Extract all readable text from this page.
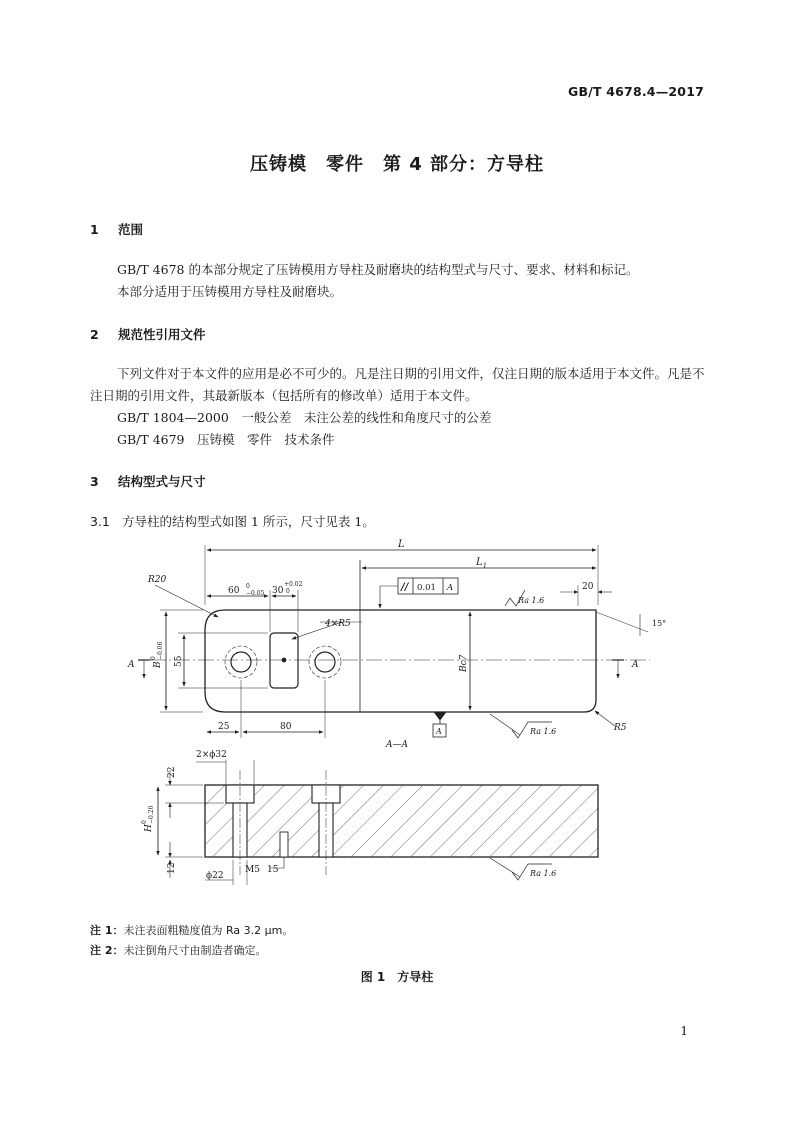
GB/T 4678.4—2017
压铸模　零件　第 4 部分：方导柱
1 范围
GB/T 4678 的本部分规定了压铸模用方导柱及耐磨块的结构型式与尺寸、要求、材料和标记。
本部分适用于压铸模用方导柱及耐磨块。
2 规范性引用文件
下列文件对于本文件的应用是必不可少的。凡是注日期的引用文件，仅注日期的版本适用于本文件。凡是不注日期的引用文件，其最新版本（包括所有的修改单）适用于本文件。
GB/T 1804—2000　一般公差　未注公差的线性和角度尺寸的公差
GB/T 4679　压铸模　零件　技术条件
3 结构型式与尺寸
3.1 方导柱的结构型式如图 1 所示，尺寸见表 1。
L
$L_1$
20
R20
60 0
−0.05 30
+0.02
0	// 0.01 A
Ra 1.6
15°
4×R5
B
0 −0.06
55	Bc7
A	A
25	80	A	Ra 1.6	R5
A—A
2×ϕ32
22
H
0 −0.20
12
ϕ22
M5 15	Ra 1.6
注 1：未注表面粗糙度值为 Ra 3.2 μm。
注 2：未注倒角尺寸由制造者确定。
图 1　方导柱
1
